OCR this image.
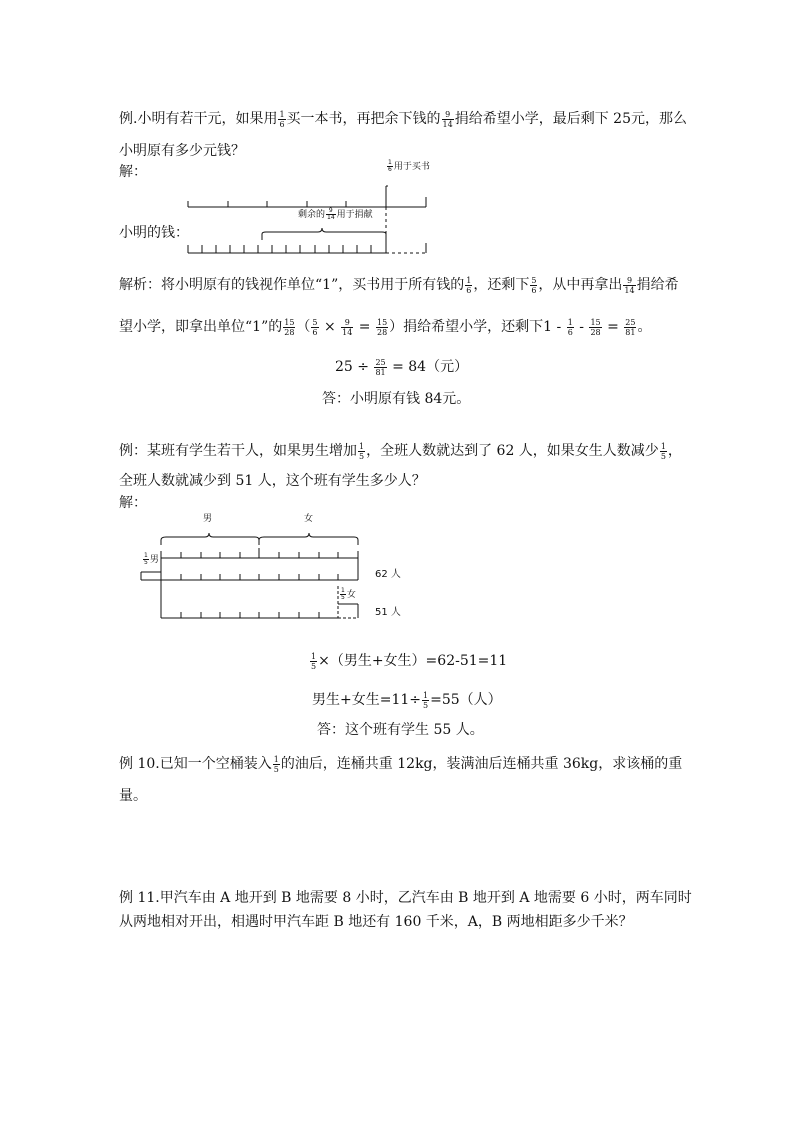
例.小明有若干元，如果用 $\frac{1}{6}$ 买一本书，再把余下钱的 $\frac{9}{14}$ 捐给希望小学，最后剩下 25元，那么
小明原有多少元钱？
解：	$\frac{1}{6}$ 用于买书
剩余的 $\frac{9}{14}$ 用于捐献
小明的钱：
解析：将小明原有的钱视作单位“1”，买书用于所有钱的 $\frac{1}{6}$ ，还剩下 $\frac{5}{6}$ ，从中再拿出 $\frac{9}{14}$ 捐给希
望小学，即拿出单位“1”的 $\frac{15}{28}$ （ $\frac{5}{6} \times \frac{9}{14} = \frac{15}{28}$ ）捐给希望小学，还剩下$1 - \frac{1}{6} - \frac{15}{28} = \frac{25}{81}$ 。
$25 \div \frac{25}{81} = 84$（元）
答：小明原有钱 84元。
例：某班有学生若干人，如果男生增加 $\frac{1}{5}$ ，全班人数就达到了 62 人，如果女生人数减少 $\frac{1}{5}$ ，
全班人数就减少到 51 人，这个班有学生多少人？
解：
男	女
$\frac{1}{5}$ 男
$\frac{1}{5}$ 女
62 人
51 人
$\frac{1}{5}$ ×（男生+女生）=62-51=11
男生+女生$=11\div \frac{1}{5} =55$（人）
答：这个班有学生 55 人。
例 10.已知一个空桶装入 $\frac{1}{5}$ 的油后，连桶共重 12kg，装满油后连桶共重 36kg，求该桶的重
量。
例 11.甲汽车由 A 地开到 B 地需要 8 小时，乙汽车由 B 地开到 A 地需要 6 小时，两车同时
从两地相对开出，相遇时甲汽车距 B 地还有 160 千米，A，B 两地相距多少千米？
